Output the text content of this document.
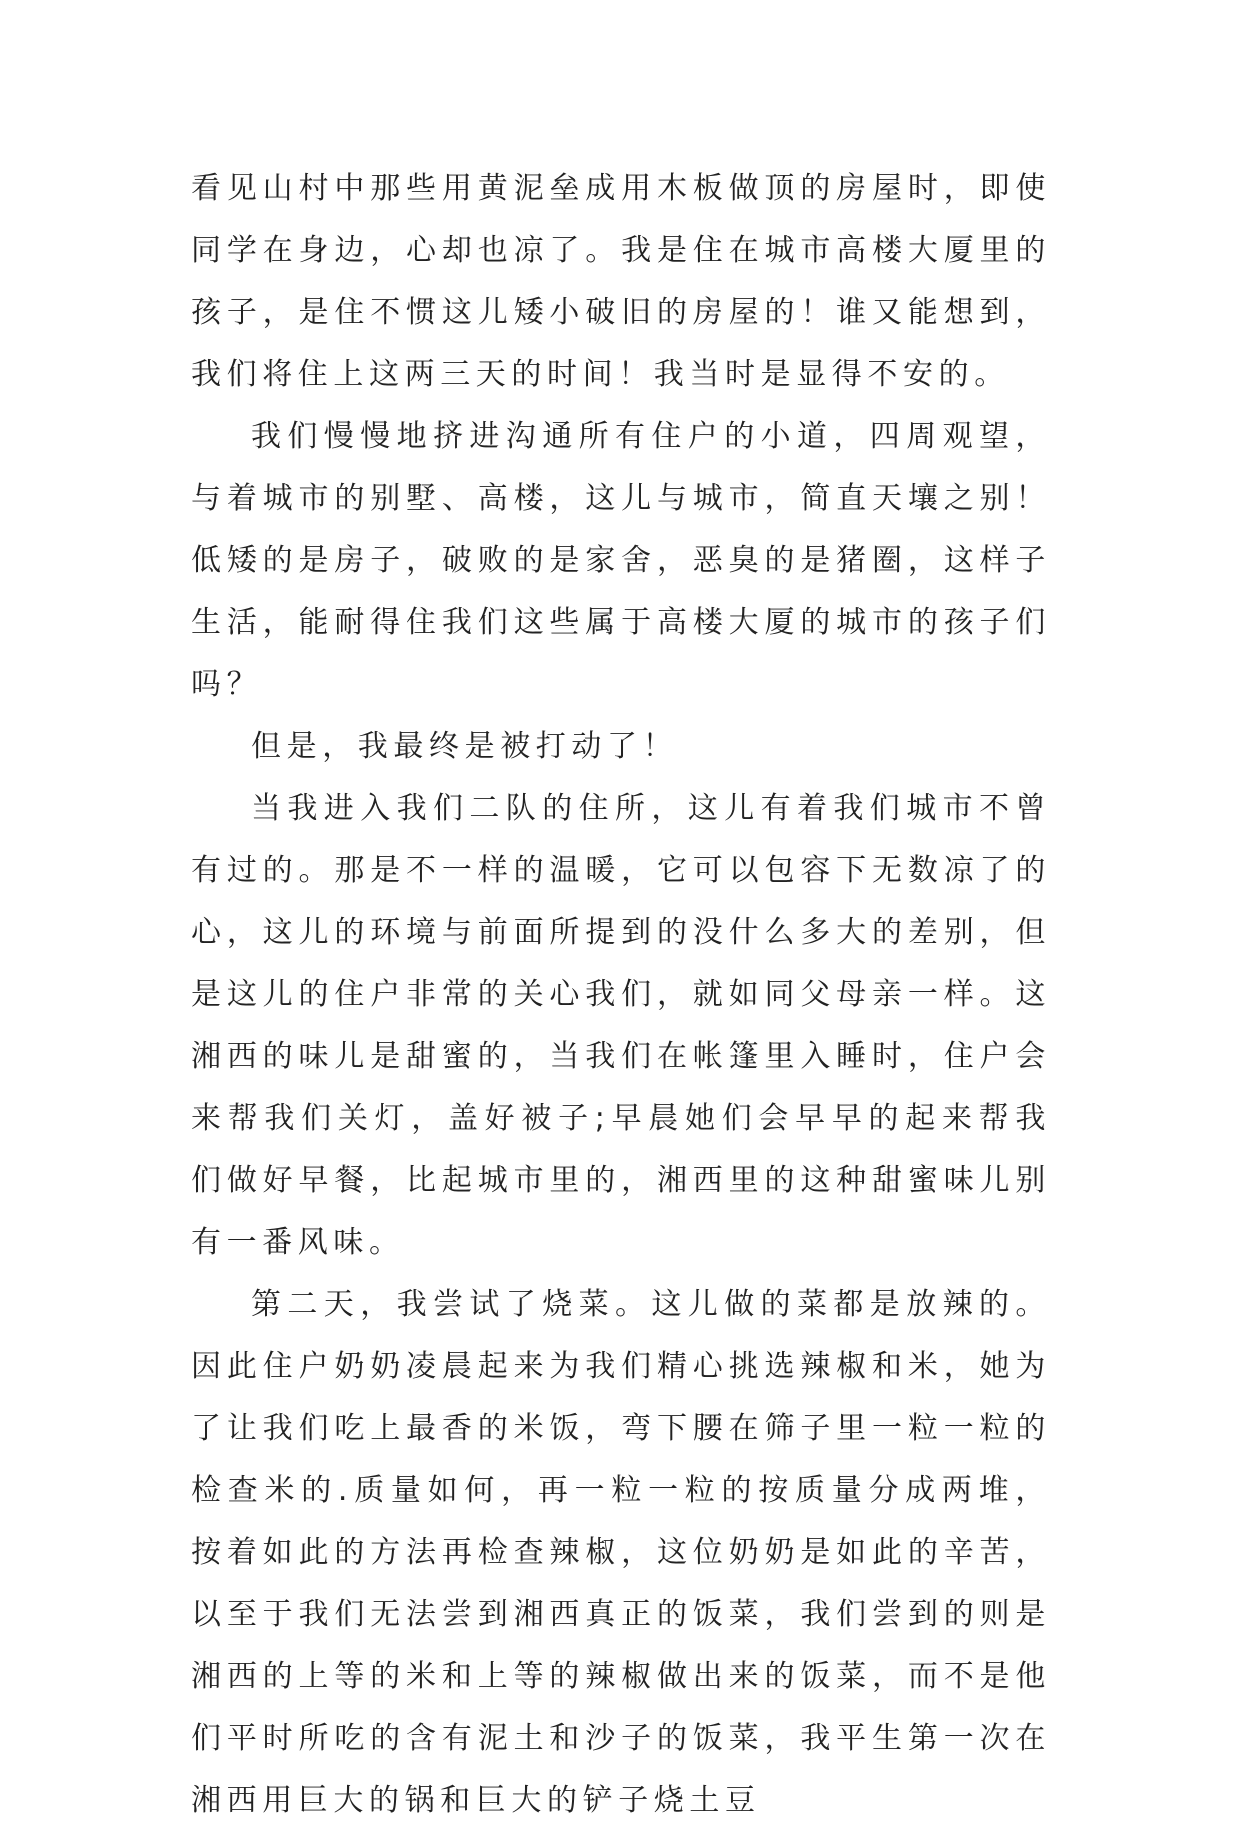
看见山村中那些用黄泥垒成用木板做顶的房屋时，即使同学在身边，心却也凉了。我是住在城市高楼大厦里的孩子，是住不惯这儿矮小破旧的房屋的！谁又能想到，我们将住上这两三天的时间！我当时是显得不安的。

我们慢慢地挤进沟通所有住户的小道，四周观望，与着城市的别墅、高楼，这儿与城市，简直天壤之别！低矮的是房子，破败的是家舍，恶臭的是猪圈，这样子生活，能耐得住我们这些属于高楼大厦的城市的孩子们吗？

但是，我最终是被打动了！

当我进入我们二队的住所，这儿有着我们城市不曾有过的。那是不一样的温暖，它可以包容下无数凉了的心，这儿的环境与前面所提到的没什么多大的差别，但是这儿的住户非常的关心我们，就如同父母亲一样。这湘西的味儿是甜蜜的，当我们在帐篷里入睡时，住户会来帮我们关灯，盖好被子;早晨她们会早早的起来帮我们做好早餐，比起城市里的，湘西里的这种甜蜜味儿别有一番风味。

第二天，我尝试了烧菜。这儿做的菜都是放辣的。因此住户奶奶凌晨起来为我们精心挑选辣椒和米，她为了让我们吃上最香的米饭，弯下腰在筛子里一粒一粒的检查米的.质量如何，再一粒一粒的按质量分成两堆，按着如此的方法再检查辣椒，这位奶奶是如此的辛苦，以至于我们无法尝到湘西真正的饭菜，我们尝到的则是湘西的上等的米和上等的辣椒做出来的饭菜，而不是他们平时所吃的含有泥土和沙子的饭菜，我平生第一次在湘西用巨大的锅和巨大的铲子烧土豆
